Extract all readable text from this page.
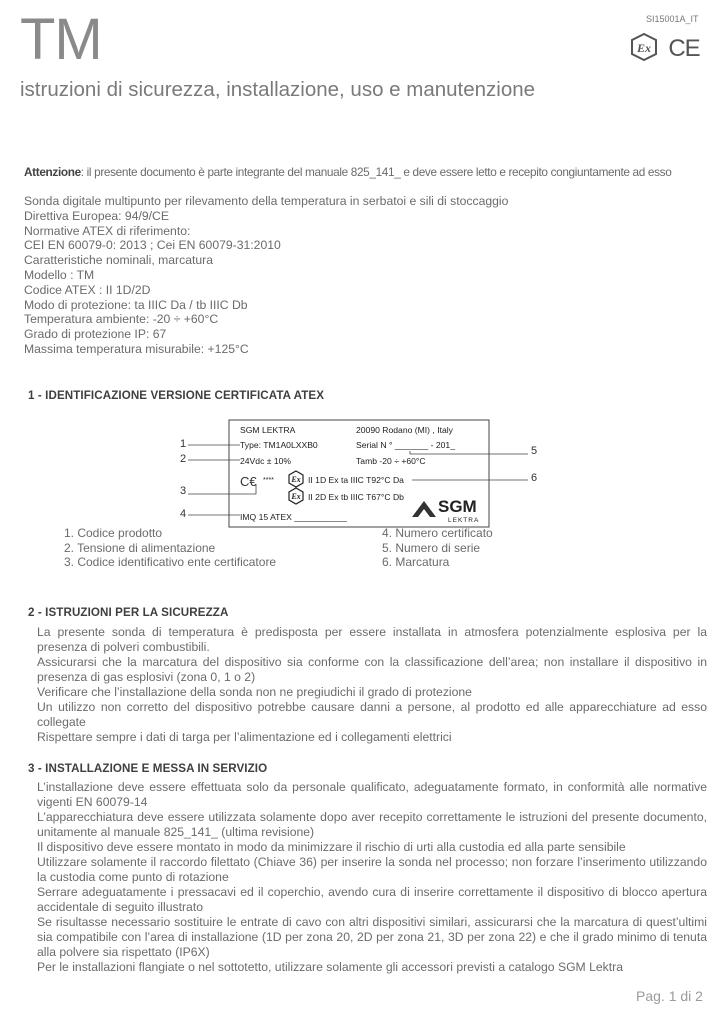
TM	SI15001A_IT
Ex CE
istruzioni di sicurezza, installazione, uso e manutenzione
Attenzione: il presente documento è parte integrante del manuale 825_141_ e deve essere letto e recepito congiuntamente ad esso
Sonda digitale multipunto per rilevamento della temperatura in serbatoi e sili di stoccaggio
Direttiva Europea: 94/9/CE
Normative ATEX di riferimento:
CEI EN 60079-0: 2013 ; Cei EN 60079-31:2010
Caratteristiche nominali, marcatura
Modello : TM
Codice ATEX : II 1D/2D
Modo di protezione: ta IIIC Da / tb IIIC Db
Temperatura ambiente: -20 ÷ +60°C
Grado di protezione IP: 67
Massima temperatura misurabile: +125°C
1 - IDENTIFICAZIONE VERSIONE CERTIFICATA ATEX
SGM LEKTRA	20090 Rodano (MI) , Italy
Type: TM1A0LXXB0	Serial N ° _______ - 201_
24Vdc ± 10%	Tamb -20 ÷ +60°C
****	II 1D Ex ta IIIC T92°C Da
II 2D Ex tb IIIC T67°C Db
IMQ 15 ATEX ___________
C€	Ex
Ex
SGM
LEKTRA
1
2
3
4
5
6
1. Codice prodotto
2. Tensione di alimentazione
3. Codice identificativo ente certificatore
4. Numero certificato
5. Numero di serie
6. Marcatura
2 - ISTRUZIONI PER LA SICUREZZA

La presente sonda di temperatura è predisposta per essere installata in atmosfera potenzialmente esplosiva per la presenza di polveri combustibili.

Assicurarsi che la marcatura del dispositivo sia conforme con la classificazione dell’area; non installare il dispositivo in presenza di gas esplosivi (zona 0, 1 o 2)

Verificare che l’installazione della sonda non ne pregiudichi il grado di protezione

Un utilizzo non corretto del dispositivo potrebbe causare danni a persone, al prodotto ed alle apparecchiature ad esso collegate

Rispettare sempre i dati di targa per l’alimentazione ed i collegamenti elettrici

3 - INSTALLAZIONE E MESSA IN SERVIZIO

L’installazione deve essere effettuata solo da personale qualificato, adeguatamente formato, in conformità alle normative vigenti EN 60079-14

L’apparecchiatura deve essere utilizzata solamente dopo aver recepito correttamente le istruzioni del presente documento, unitamente al manuale 825_141_ (ultima revisione)

Il dispositivo deve essere montato in modo da minimizzare il rischio di urti alla custodia ed alla parte sensibile

Utilizzare solamente il raccordo filettato (Chiave 36) per inserire la sonda nel processo; non forzare l’inserimento utilizzando la custodia come punto di rotazione

Serrare adeguatamente i pressacavi ed il coperchio, avendo cura di inserire correttamente il dispositivo di blocco apertura accidentale di seguito illustrato

Se risultasse necessario sostituire le entrate di cavo con altri dispositivi similari, assicurarsi che la marcatura di quest’ultimi sia compatibile con l’area di installazione (1D per zona 20, 2D per zona 21, 3D per zona 22) e che il grado minimo di tenuta alla polvere sia rispettato (IP6X)

Per le installazioni flangiate o nel sottotetto, utilizzare solamente gli accessori previsti a catalogo SGM Lektra

Pag. 1 di 2
